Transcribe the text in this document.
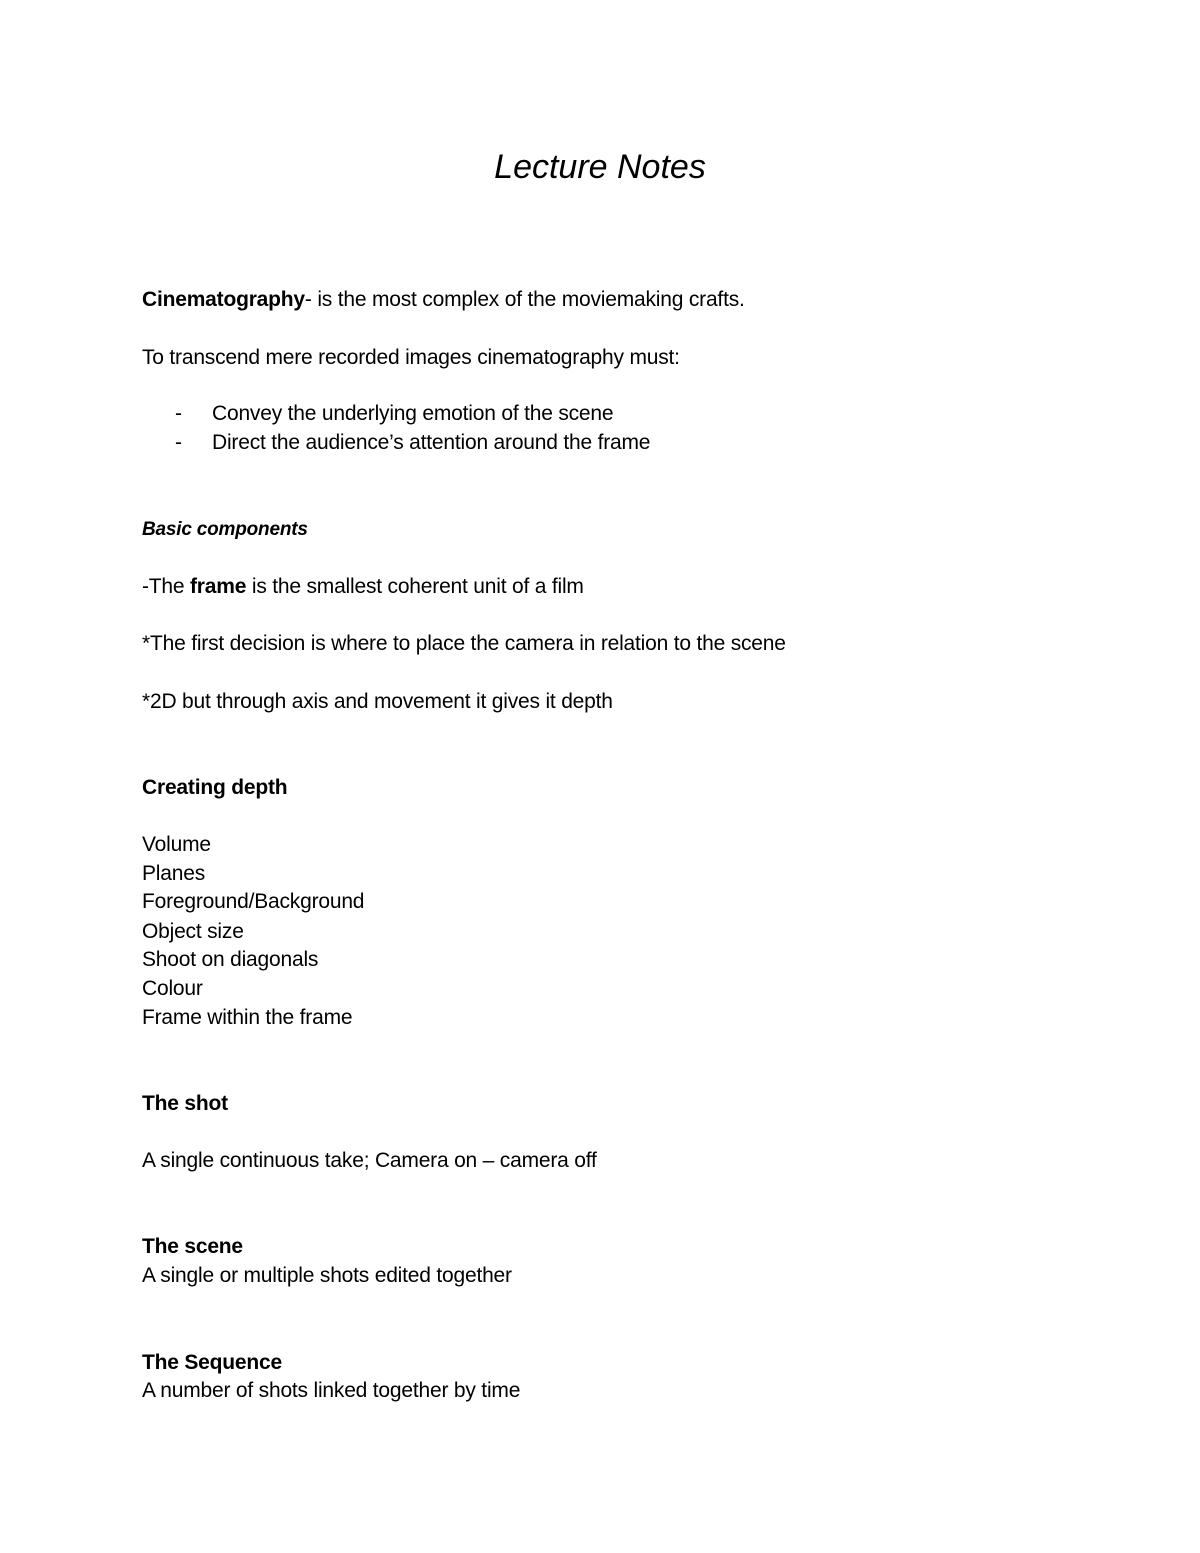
Lecture Notes
Cinematography- is the most complex of the moviemaking crafts.
To transcend mere recorded images cinematography must:
- Convey the underlying emotion of the scene
- Direct the audience’s attention around the frame
Basic components
-The frame is the smallest coherent unit of a film
*The first decision is where to place the camera in relation to the scene
*2D but through axis and movement it gives it depth
Creating depth
Volume
Planes
Foreground/Background
Object size
Shoot on diagonals
Colour
Frame within the frame
The shot
A single continuous take; Camera on – camera off
The scene
A single or multiple shots edited together
The Sequence
A number of shots linked together by time
